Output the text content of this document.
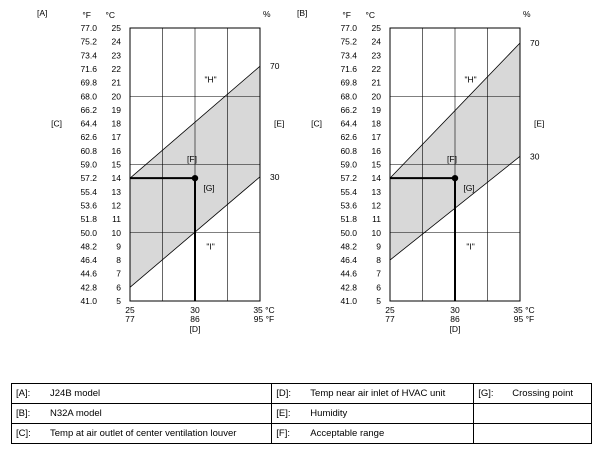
70
30
[F]
[G]
"H"
"I"
25
77.0
24
75.2
23
73.4
22
71.6
21
69.8
20
68.0
19
66.2
18
64.4
17
62.6
16
60.8
15
59.0
14
57.2
13
55.4
12
53.6
11
51.8
10
50.0
9
48.2
8
46.4
7
44.6
6
42.8
5
41.0
°C
°F
[A]
[C]
%
[E]
25
77
30
86
35 °C
95 °F
[D]
70
30
[F]
[G]
"H"
"I"
25
77.0
24
75.2
23
73.4
22
71.6
21
69.8
20
68.0
19
66.2
18
64.4
17
62.6
16
60.8
15
59.0
14
57.2
13
55.4
12
53.6
11
51.8
10
50.0
9
48.2
8
46.4
7
44.6
6
42.8
5
41.0
°C
°F
[B]
[C]
%
[E]
25
77
30
86
35 °C
95 °F
[D]
[A]: J24B model	[D]: Temp near air inlet of HVAC unit	[G]: Crossing point
[B]: N32A model	[E]: Humidity	
[C]: Temp at air outlet of center ventilation louver	[F]: Acceptable range	
